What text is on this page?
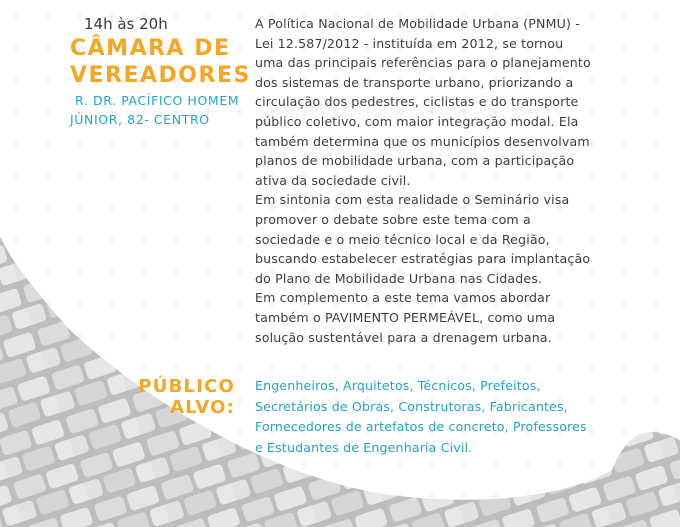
14h às 20h
CÂMARA DE
VEREADORES
R. DR. PACÍFICO HOMEM
JÚNIOR, 82- CENTRO

A Política Nacional de Mobilidade Urbana (PNMU) -

Lei 12.587/2012 - instituída em 2012, se tornou

uma das principais referências para o planejamento

dos sistemas de transporte urbano, priorizando a

circulação dos pedestres, ciclistas e do transporte

público coletivo, com maior integração modal. Ela

também determina que os municípios desenvolvam

planos de mobilidade urbana, com a participação

ativa da sociedade civil.

Em sintonia com esta realidade o Seminário visa

promover o debate sobre este tema com a

sociedade e o meio técnico local e da Região,

buscando estabelecer estratégias para implantação

do Plano de Mobilidade Urbana nas Cidades.

Em complemento a este tema vamos abordar

também o PAVIMENTO PERMEÁVEL, como uma

solução sustentável para a drenagem urbana.

PÚBLICO
ALVO:
Engenheiros, Arquitetos, Técnicos, Prefeitos,
Secretários de Obras, Construtoras, Fabricantes,
Fornecedores de artefatos de concreto, Professores
e Estudantes de Engenharia Civil.
